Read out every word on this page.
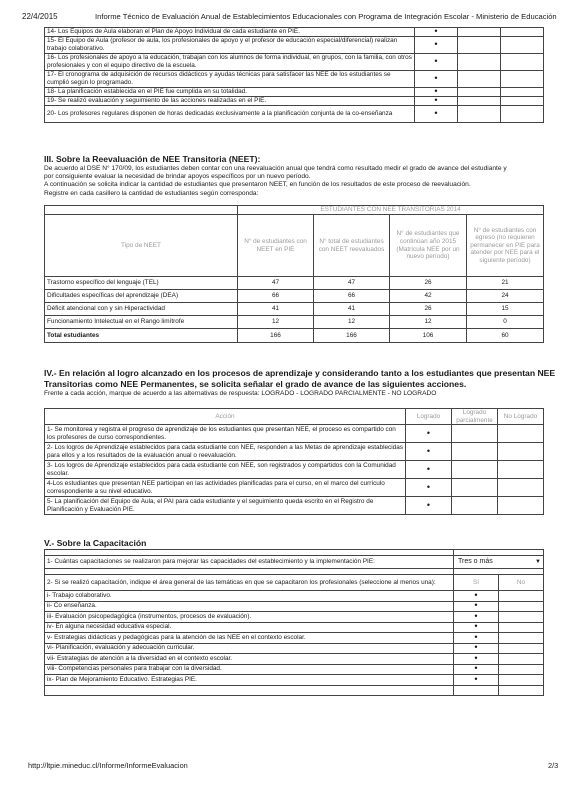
22/4/2015	Informe Técnico de Evaluación Anual de Establecimientos Educacionales con Programa de Integración Escolar - Ministerio de Educación
14- Los Equipos de Aula elaboran el Plan de Apoyo Individual de cada estudiante en PIE.	•		
15- El Equipo de Aula (profesor de aula, los profesionales de apoyo y el profesor de educación especial/diferencial) realizan trabajo colaborativo.	•		
16- Los profesionales de apoyo a la educación, trabajan con los alumnos de forma individual, en grupos, con la familia, con otros profesionales y con el equipo directivo de la escuela.	•		
17- El cronograma de adquisición de recursos didácticos y ayudas técnicas para satisfacer las NEE de los estudiantes se cumplió según lo programado.	•		
18- La planificación establecida en el PIE fue cumplida en su totalidad.	•		
19- Se realizó evaluación y seguimiento de las acciones realizadas en el PIE.	•		
20- Los profesores regulares disponen de horas dedicadas exclusivamente a la planificación conjunta de la co-enseñanza	•		
III. Sobre la Reevaluación de NEE Transitoria (NEET):
De acuerdo al DSE N° 170/09, los estudiantes deben contar con una reevaluación anual que tendrá como resultado medir el grado de avance del estudiante y
por consiguiente evaluar la necesidad de brindar apoyos específicos por un nuevo período.
A continuación se solicita indicar la cantidad de estudiantes que presentaron NEET, en función de los resultados de este proceso de reevaluación.
Registre en cada casillero la cantidad de estudiantes según corresponda:
	ESTUDIANTES CON NEE TRANSITORIAS 2014			
Tipo de NEET	N° de estudiantes con NEET en PIE	N° total de estudiantes con NEET reevaluados	N° de estudiantes que continúan año 2015 (Matrícula NEE por un nuevo período)	N° de estudiantes con egreso (no requieren permanecer en PIE para atender por NEE para el siguiente período)
Trastorno específico del lenguaje (TEL)	47	47	26	21
Dificultades específicas del aprendizaje (DEA)	66	66	42	24
Déficit atencional con y sin Hiperactividad	41	41	26	15
Funcionamiento Intelectual en el Rango limítrofe	12	12	12	0
Total estudiantes	166	166	106	60
IV.- En relación al logro alcanzado en los procesos de aprendizaje y considerando tanto a los estudiantes que presentan NEE
Transitorias como NEE Permanentes, se solicita señalar el grado de avance de las siguientes acciones.
Frente a cada acción, marque de acuerdo a las alternativas de respuesta: LOGRADO - LOGRADO PARCIALMENTE - NO LOGRADO
Acción	Logrado	Logrado parcialmente	No Logrado
1- Se monitorea y registra el progreso de aprendizaje de los estudiantes que presentan NEE, el proceso es compartido con los profesores de curso correspondientes.	•		
2- Los logros de Aprendizaje establecidos para cada estudiante con NEE, responden a las Metas de aprendizaje establecidas para ellos y a los resultados de la evaluación anual o reevaluación.	•		
3- Los logros de Aprendizaje establecidos para cada estudiante con NEE, son registrados y compartidos con la Comunidad escolar.	•		
4-Los estudiantes que presentan NEE participan en las actividades planificadas para el curso, en el marco del currículo correspondiente a su nivel educativo.	•		
5- La planificación del Equipo de Aula, el PAI para cada estudiante y el seguimiento queda escrito en el Registro de Planificación y Evaluación PIE.	•		
V.- Sobre la Capacitación

1- Cuántas capacitaciones se realizaron para mejorar las capacidades del establecimiento y la implementación PIE:	Tres o más ▼	

2- Si se realizó capacitación, indique el área general de las temáticas en que se capacitaron los profesionales (seleccione al menos una):	Sí	No
i- Trabajo colaborativo.	•	
ii- Co enseñanza.	•	
iii- Evaluación psicopedagógica (instrumentos, procesos de evaluación).	•	
iv- En alguna necesidad educativa especial.	•	
v- Estrategias didácticas y pedagógicas para la atención de las NEE en el contexto escolar.	•	
vi- Planificación, evaluación y adecuación curricular.	•	
vii- Estrategias de atención a la diversidad en el contexto escolar.	•	
viii- Competencias personales para trabajar con la diversidad.	•	
ix- Plan de Mejoramiento Educativo. Estrategias PIE.	•	

http://ltpie.mineduc.cl/Informe/InformeEvaluacion	2/3
